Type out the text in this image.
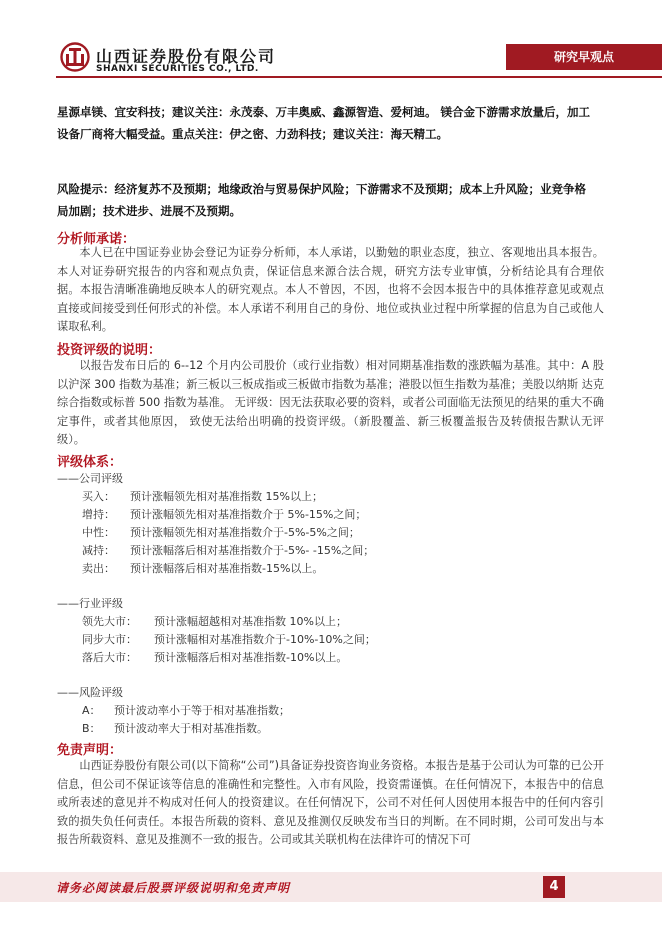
山西证券股份有限公司
SHANXI SECURITIES CO., LTD.
研究早观点
星源卓镁、宜安科技；建议关注：永茂泰、万丰奥威、鑫源智造、爱柯迪。 镁合金下游需求放量后，加工
设备厂商将大幅受益。重点关注：伊之密、力劲科技；建议关注：海天精工。
风险提示：经济复苏不及预期；地缘政治与贸易保护风险；下游需求不及预期；成本上升风险；业竞争格
局加剧；技术进步、进展不及预期。
分析师承诺：

本人已在中国证券业协会登记为证券分析师，本人承诺，以勤勉的职业态度，独立、客观地出具本报告。本人对证券研究报告的内容和观点负责，保证信息来源合法合规，研究方法专业审慎，分析结论具有合理依据。本报告清晰准确地反映本人的研究观点。本人不曾因，不因，也将不会因本报告中的具体推荐意见或观点直接或间接受到任何形式的补偿。本人承诺不利用自己的身份、地位或执业过程中所掌握的信息为自己或他人谋取私利。

投资评级的说明：

以报告发布日后的 6--12 个月内公司股价（或行业指数）相对同期基准指数的涨跌幅为基准。其中：A 股 以沪深 300 指数为基准；新三板以三板成指或三板做市指数为基准；港股以恒生指数为基准；美股以纳斯 达克综合指数或标普 500 指数为基准。 无评级：因无法获取必要的资料，或者公司面临无法预见的结果的重大不确定事件，或者其他原因， 致使无法给出明确的投资评级。（新股覆盖、新三板覆盖报告及转债报告默认无评级）。

评级体系：
——公司评级
买入： 预计涨幅领先相对基准指数 15%以上；
增持： 预计涨幅领先相对基准指数介于 5%-15%之间；
中性： 预计涨幅领先相对基准指数介于-5%-5%之间；
减持： 预计涨幅落后相对基准指数介于-5%- -15%之间；
卖出： 预计涨幅落后相对基准指数-15%以上。
——行业评级
领先大市： 预计涨幅超越相对基准指数 10%以上；
同步大市： 预计涨幅相对基准指数介于-10%-10%之间；
落后大市： 预计涨幅落后相对基准指数-10%以上。
——风险评级
A： 预计波动率小于等于相对基准指数；
B： 预计波动率大于相对基准指数。
免责声明：

山西证券股份有限公司(以下简称“公司”)具备证券投资咨询业务资格。本报告是基于公司认为可靠的已公开信息，但公司不保证该等信息的准确性和完整性。入市有风险，投资需谨慎。在任何情况下，本报告中的信息或所表述的意见并不构成对任何人的投资建议。在任何情况下，公司不对任何人因使用本报告中的任何内容引致的损失负任何责任。本报告所载的资料、意见及推测仅反映发布当日的判断。在不同时期，公司可发出与本报告所载资料、意见及推测不一致的报告。公司或其关联机构在法律许可的情况下可

请务必阅读最后股票评级说明和免责声明	4
